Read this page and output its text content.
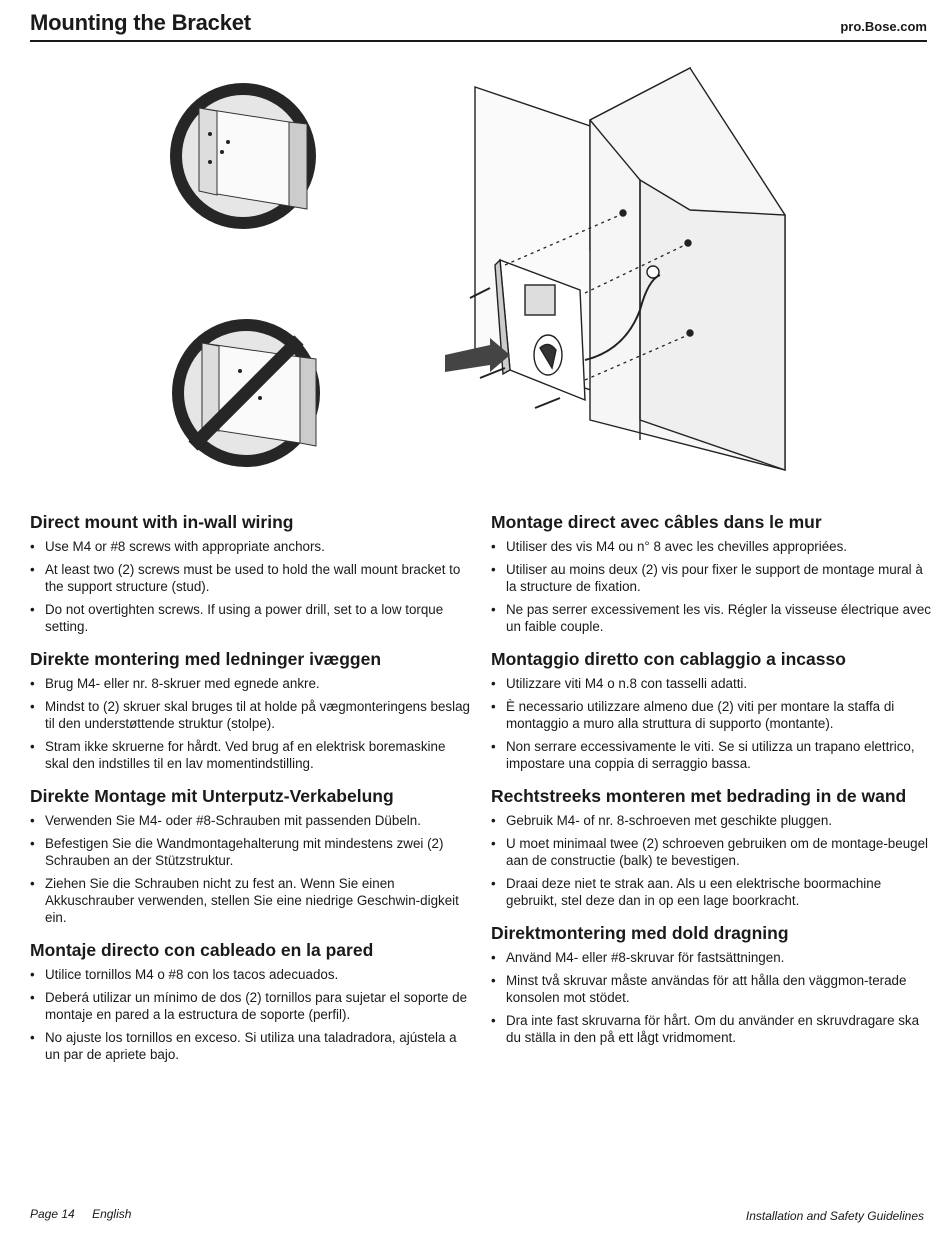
Mounting the Bracket	pro.Bose.com
Direct mount with in-wall wiring
• Use M4 or #8 screws with appropriate anchors.
• At least two (2) screws must be used to hold the wall mount bracket to the support structure (stud).
• Do not overtighten screws. If using a power drill, set to a low torque setting.
Direkte montering med ledninger ivæggen
• Brug M4- eller nr. 8-skruer med egnede ankre.
• Mindst to (2) skruer skal bruges til at holde på vægmonteringens beslag til den understøttende struktur (stolpe).
• Stram ikke skruerne for hårdt. Ved brug af en elektrisk boremaskine skal den indstilles til en lav momentindstilling.
Direkte Montage mit Unterputz-Verkabelung
• Verwenden Sie M4- oder #8-Schrauben mit passenden Dübeln.
• Befestigen Sie die Wandmontagehalterung mit mindestens zwei (2) Schrauben an der Stützstruktur.
• Ziehen Sie die Schrauben nicht zu fest an. Wenn Sie einen Akkuschrauber verwenden, stellen Sie eine niedrige Geschwin-digkeit ein.
Montaje directo con cableado en la pared
• Utilice tornillos M4 o #8 con los tacos adecuados.
• Deberá utilizar un mínimo de dos (2) tornillos para sujetar el soporte de montaje en pared a la estructura de soporte (perfil).
• No ajuste los tornillos en exceso. Si utiliza una taladradora, ajústela a un par de apriete bajo.
Montage direct avec câbles dans le mur
• Utiliser des vis M4 ou n° 8 avec les chevilles appropriées.
• Utiliser au moins deux (2) vis pour fixer le support de montage mural à la structure de fixation.
• Ne pas serrer excessivement les vis. Régler la visseuse électrique avec un faible couple.
Montaggio diretto con cablaggio a incasso
• Utilizzare viti M4 o n.8 con tasselli adatti.
• È necessario utilizzare almeno due (2) viti per montare la staffa di montaggio a muro alla struttura di supporto (montante).
• Non serrare eccessivamente le viti. Se si utilizza un trapano elettrico, impostare una coppia di serraggio bassa.
Rechtstreeks monteren met bedrading in de wand
• Gebruik M4- of nr. 8-schroeven met geschikte pluggen.
• U moet minimaal twee (2) schroeven gebruiken om de montage-beugel aan de constructie (balk) te bevestigen.
• Draai deze niet te strak aan. Als u een elektrische boormachine gebruikt, stel deze dan in op een lage boorkracht.
Direktmontering med dold dragning
• Använd M4- eller #8-skruvar för fastsättningen.
• Minst två skruvar måste användas för att hålla den väggmon-terade konsolen mot stödet.
• Dra inte fast skruvarna för hårt. Om du använder en skruvdragare ska du ställa in den på ett lågt vridmoment.
Page 14 English	Installation and Safety Guidelines
